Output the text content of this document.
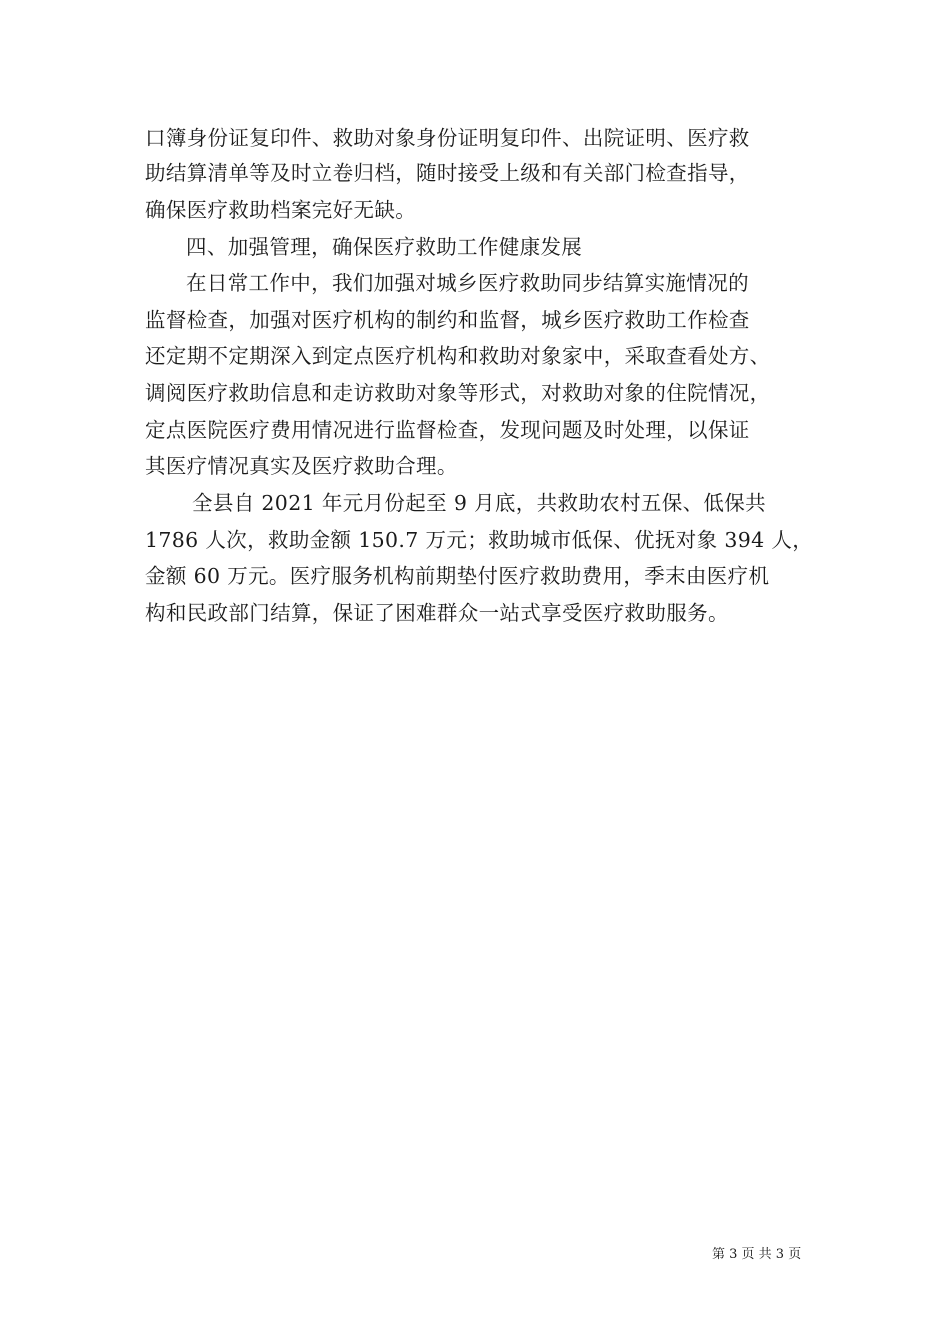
口簿身份证复印件、救助对象身份证明复印件、出院证明、医疗救
助结算清单等及时立卷归档，随时接受上级和有关部门检查指导，
确保医疗救助档案完好无缺。
四、加强管理，确保医疗救助工作健康发展
在日常工作中，我们加强对城乡医疗救助同步结算实施情况的
监督检查，加强对医疗机构的制约和监督，城乡医疗救助工作检查
还定期不定期深入到定点医疗机构和救助对象家中，采取查看处方、
调阅医疗救助信息和走访救助对象等形式，对救助对象的住院情况，
定点医院医疗费用情况进行监督检查，发现问题及时处理，以保证
其医疗情况真实及医疗救助合理。
全县自 2021 年元月份起至 9 月底，共救助农村五保、低保共
1786 人次，救助金额 150.7 万元；救助城市低保、优抚对象 394 人，
金额 60 万元。医疗服务机构前期垫付医疗救助费用，季末由医疗机
构和民政部门结算，保证了困难群众一站式享受医疗救助服务。
第 3 页 共 3 页
